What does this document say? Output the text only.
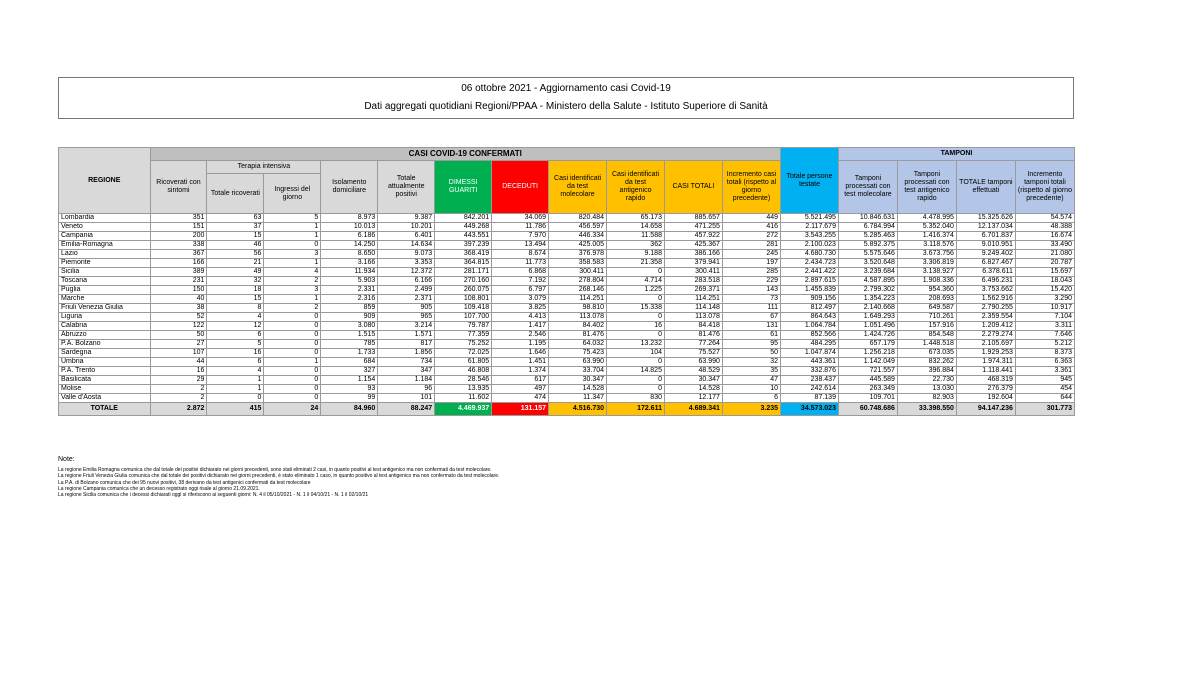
06 ottobre 2021 - Aggiornamento casi Covid-19
Dati aggregati quotidiani Regioni/PPAA - Ministero della Salute - Istituto Superiore di Sanità
REGIONE	CASI COVID-19 CONFERMATI											Totale persone testate	TAMPONI			
	Ricoverati con sintomi	Terapia intensiva		Isolamento domiciliare	Totale attualmente positivi	DIMESSI GUARITI	DECEDUTI	Casi identificati da test molecolare	Casi identificati da test antigenico rapido	CASI TOTALI	Incremento casi totali (rispetto al giorno precedente)		Tamponi processati con test molecolare	Tamponi processati con test antigenico rapido	TOTALE tamponi effettuati	Incremento tamponi totali (rispetto al giorno precedente)
		Totale ricoverati	Ingressi del giorno													
Lombardia	351	63	5	8.973	9.387	842.201	34.069	820.484	65.173	885.657	449	5.521.495	10.846.631	4.478.995	15.325.626	54.574
Veneto	151	37	1	10.013	10.201	449.268	11.786	456.597	14.658	471.255	416	2.117.679	6.784.994	5.352.040	12.137.034	48.388
Campania	200	15	1	6.186	6.401	443.551	7.970	446.334	11.588	457.922	272	3.543.255	5.285.463	1.416.374	6.701.837	16.674
Emilia-Romagna	338	46	0	14.250	14.634	397.239	13.494	425.005	362	425.367	281	2.100.023	5.892.375	3.118.576	9.010.951	33.490
Lazio	367	56	3	8.650	9.073	368.419	8.674	376.978	9.188	386.166	245	4.680.730	5.575.646	3.673.756	9.249.402	21.080
Piemonte	166	21	1	3.166	3.353	364.815	11.773	358.583	21.358	379.941	197	2.434.723	3.520.648	3.306.819	6.827.467	20.787
Sicilia	389	49	4	11.934	12.372	281.171	6.868	300.411	0	300.411	285	2.441.422	3.239.684	3.138.927	6.378.611	15.697
Toscana	231	32	2	5.903	6.166	270.160	7.192	278.804	4.714	283.518	229	2.897.615	4.587.895	1.908.336	6.496.231	18.043
Puglia	150	18	3	2.331	2.499	260.075	6.797	268.146	1.225	269.371	143	1.455.839	2.799.302	954.360	3.753.662	15.420
Marche	40	15	1	2.316	2.371	108.801	3.079	114.251	0	114.251	73	909.156	1.354.223	208.693	1.562.916	3.290
Friuli Venezia Giulia	38	8	2	859	905	109.418	3.825	98.810	15.338	114.148	111	812.497	2.140.668	649.587	2.790.255	10.917
Liguria	52	4	0	909	965	107.700	4.413	113.078	0	113.078	67	864.643	1.649.293	710.261	2.359.554	7.104
Calabria	122	12	0	3.080	3.214	79.787	1.417	84.402	16	84.418	131	1.064.784	1.051.496	157.916	1.209.412	3.311
Abruzzo	50	6	0	1.515	1.571	77.359	2.546	81.476	0	81.476	61	852.566	1.424.726	854.548	2.279.274	7.646
P.A. Bolzano	27	5	0	785	817	75.252	1.195	64.032	13.232	77.264	95	484.295	657.179	1.448.518	2.105.697	5.212
Sardegna	107	16	0	1.733	1.856	72.025	1.646	75.423	104	75.527	50	1.047.874	1.256.218	673.035	1.929.253	8.373
Umbria	44	6	1	684	734	61.805	1.451	63.990	0	63.990	32	443.361	1.142.049	832.262	1.974.311	6.363
P.A. Trento	16	4	0	327	347	46.808	1.374	33.704	14.825	48.529	35	332.876	721.557	396.884	1.118.441	3.361
Basilicata	29	1	0	1.154	1.184	28.546	617	30.347	0	30.347	47	238.437	445.589	22.730	468.319	945
Molise	2	1	0	93	96	13.935	497	14.528	0	14.528	10	242.614	263.349	13.030	276.379	454
Valle d'Aosta	2	0	0	99	101	11.602	474	11.347	830	12.177	6	87.139	109.701	82.903	192.604	644
TOTALE	2.872	415	24	84.960	88.247	4.469.937	131.157	4.516.730	172.611	4.689.341	3.235	34.573.023	60.748.686	33.398.550	94.147.236	301.773
Note:
La regione Emilia Romagna comunica che dal totale dei positivi dichiarato nei giorni precedenti, sono stati eliminati 2 casi, in quanto positivi al test antigenico ma non confermati da test molecolare.
La regione Friuli Venezia Giulia comunica che dal totale dei positivi dichiarato nei giorni precedenti, è stato eliminato 1 caso, in quanto positivo al test antigenico ma non confermato da test molecolare.
La P.A. di Bolzano comunica che dei 95 nuovi positivi, 38 derivano da test antigenici confermati da test molecolare
La regione Campania comunica che un decesso registrato oggi risale al giorno 21.09.2021.
La regione Sicilia comunica che i decessi dichiarati oggi si riferiscono ai seguenti giorni: N. 4 il 05/10/2021 - N. 1 il 04/10/21 - N. 1 il 02/10/21
